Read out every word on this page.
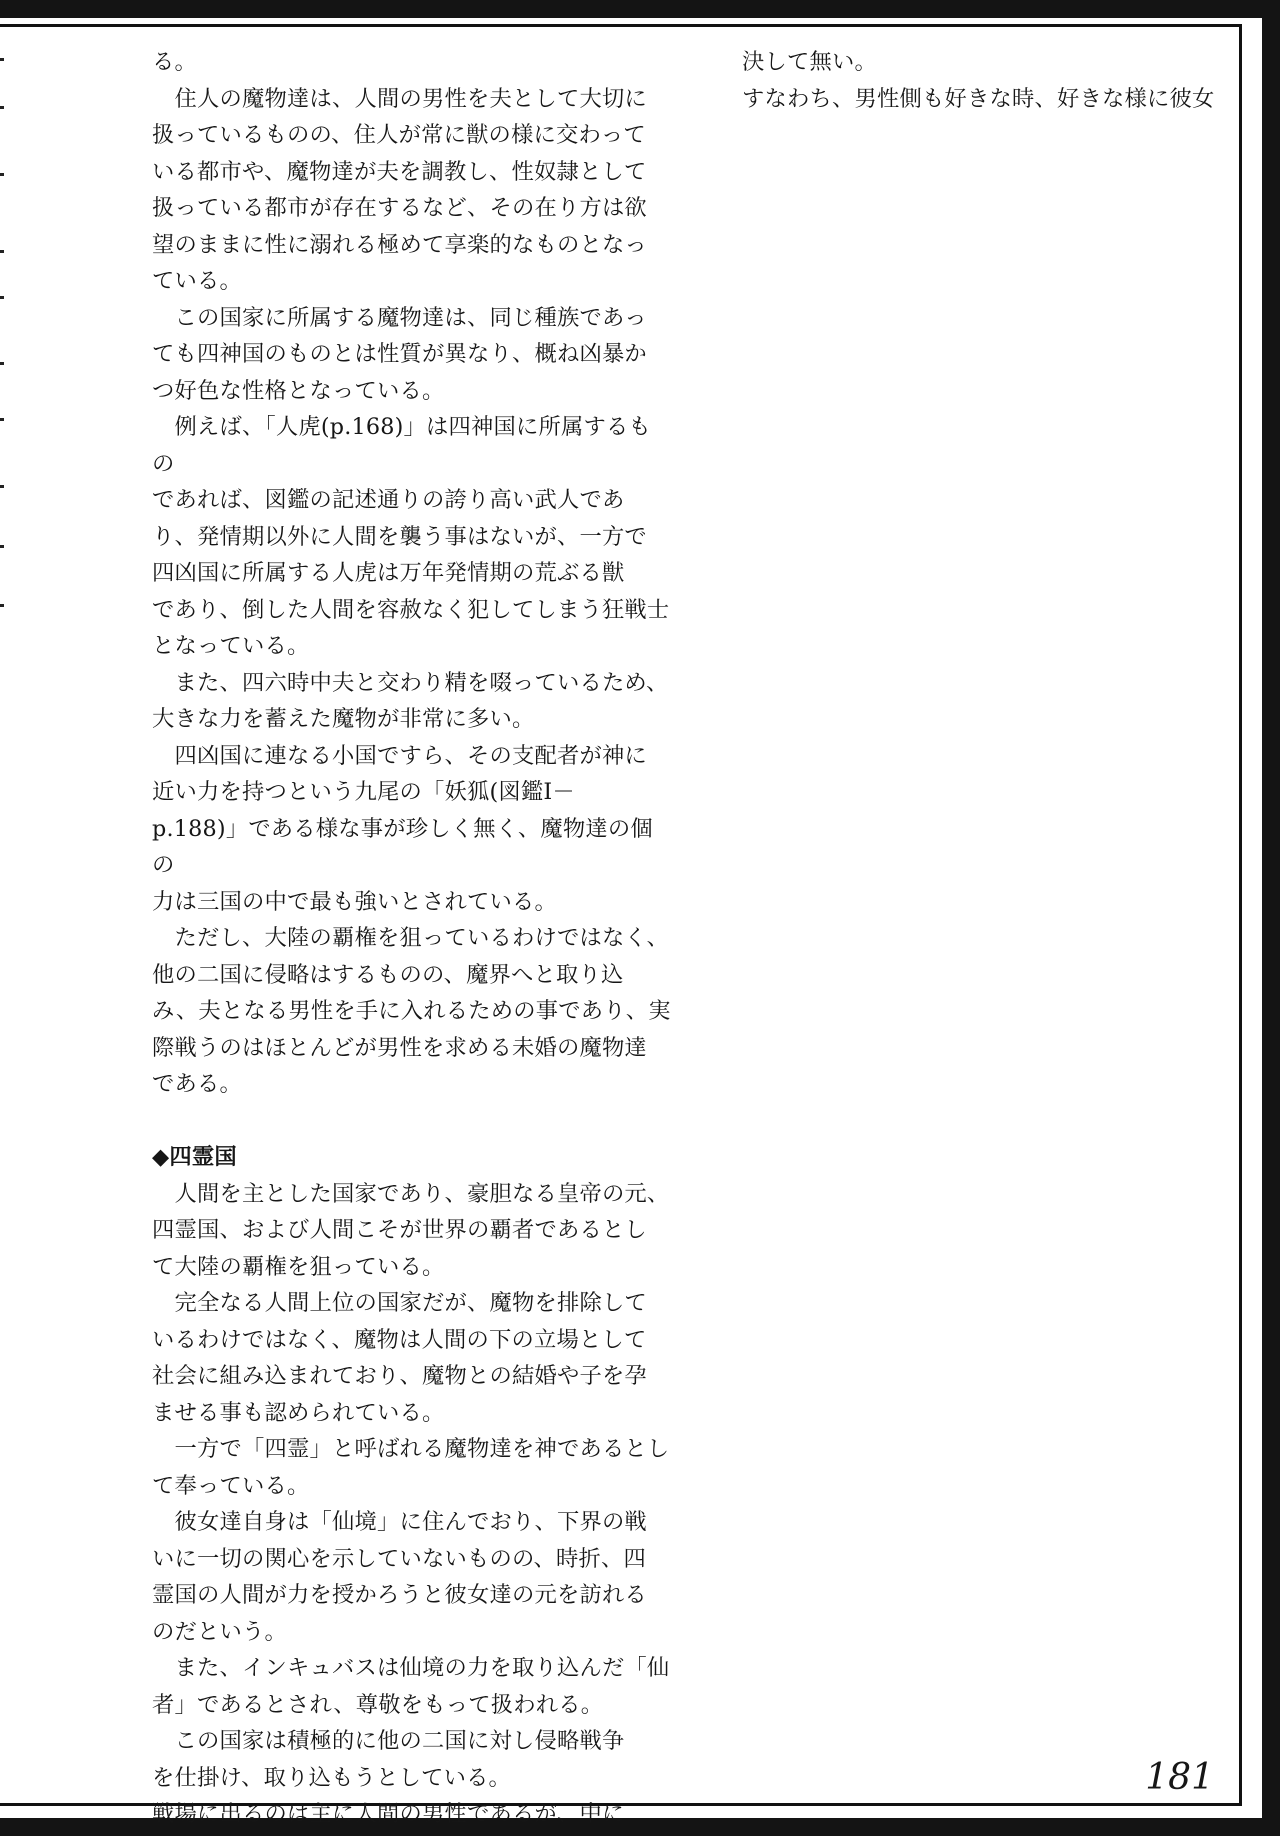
る。

　住人の魔物達は、人間の男性を夫として大切に
扱っているものの、住人が常に獣の様に交わって
いる都市や、魔物達が夫を調教し、性奴隷として
扱っている都市が存在するなど、その在り方は欲
望のままに性に溺れる極めて享楽的なものとなっ
ている。

　この国家に所属する魔物達は、同じ種族であっ
ても四神国のものとは性質が異なり、概ね凶暴か
つ好色な性格となっている。

　例えば、「人虎(p.168)」は四神国に所属するもの
であれば、図鑑の記述通りの誇り高い武人であ
り、発情期以外に人間を襲う事はないが、一方で
四凶国に所属する人虎は万年発情期の荒ぶる獣
であり、倒した人間を容赦なく犯してしまう狂戦士
となっている。

　また、四六時中夫と交わり精を啜っているため、
大きな力を蓄えた魔物が非常に多い。

　四凶国に連なる小国ですら、その支配者が神に
近い力を持つという九尾の「妖狐(図鑑Ⅰ－
p.188)」である様な事が珍しく無く、魔物達の個の
力は三国の中で最も強いとされている。

　ただし、大陸の覇権を狙っているわけではなく、
他の二国に侵略はするものの、魔界へと取り込
み、夫となる男性を手に入れるための事であり、実
際戦うのはほとんどが男性を求める未婚の魔物達
である。

◆四霊国

　人間を主とした国家であり、豪胆なる皇帝の元、
四霊国、および人間こそが世界の覇者であるとし
て大陸の覇権を狙っている。

　完全なる人間上位の国家だが、魔物を排除して
いるわけではなく、魔物は人間の下の立場として
社会に組み込まれており、魔物との結婚や子を孕
ませる事も認められている。

　一方で「四霊」と呼ばれる魔物達を神であるとし
て奉っている。

　彼女達自身は「仙境」に住んでおり、下界の戦
いに一切の関心を示していないものの、時折、四
霊国の人間が力を授かろうと彼女達の元を訪れる
のだという。

　また、インキュバスは仙境の力を取り込んだ「仙
者」であるとされ、尊敬をもって扱われる。

　この国家は積極的に他の二国に対し侵略戦争
を仕掛け、取り込もうとしている。

戦場に出るのは主に人間の男性であるが、中に

決して無い。

すなわち、男性側も好きな時、好きな様に彼女

181
